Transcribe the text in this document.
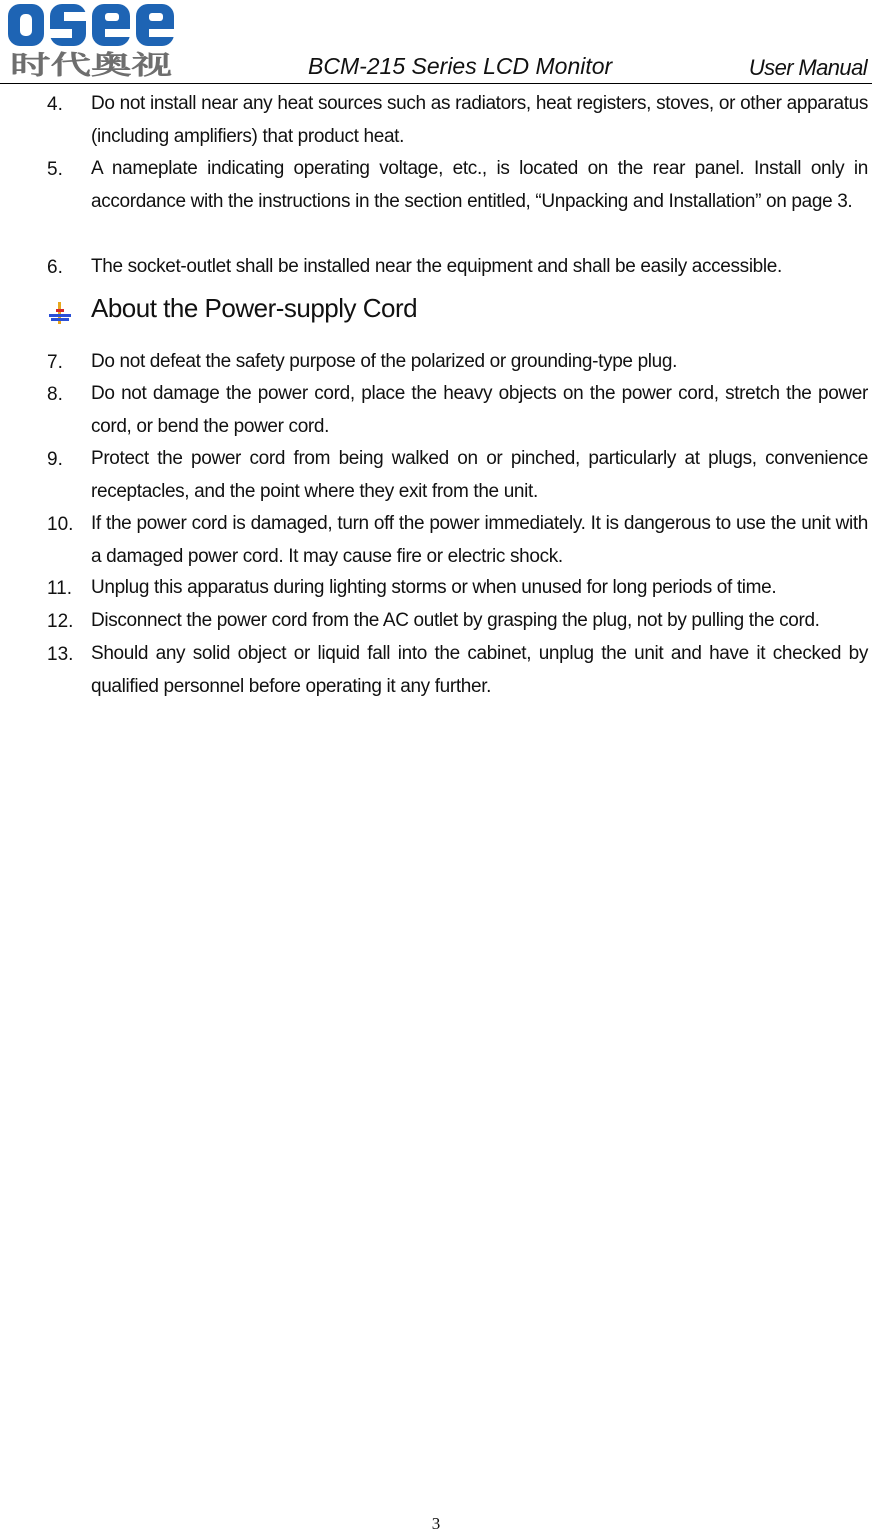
时代奥视	BCM-215 Series LCD Monitor	User Manual
4. Do not install near any heat sources such as radiators, heat registers, stoves, or other apparatus (including amplifiers) that product heat.
5. A nameplate indicating operating voltage, etc., is located on the rear panel. Install only in accordance with the instructions in the section entitled, “Unpacking and Installation” on page 3.
6. The socket-outlet shall be installed near the equipment and shall be easily accessible.
About the Power-supply Cord
7. Do not defeat the safety purpose of the polarized or grounding-type plug.
8. Do not damage the power cord, place the heavy objects on the power cord, stretch the power cord, or bend the power cord.
9. Protect the power cord from being walked on or pinched, particularly at plugs, convenience receptacles, and the point where they exit from the unit.
10. If the power cord is damaged, turn off the power immediately. It is dangerous to use the unit with a damaged power cord. It may cause fire or electric shock.
11. Unplug this apparatus during lighting storms or when unused for long periods of time.
12. Disconnect the power cord from the AC outlet by grasping the plug, not by pulling the cord.
13. Should any solid object or liquid fall into the cabinet, unplug the unit and have it checked by qualified personnel before operating it any further.
3
